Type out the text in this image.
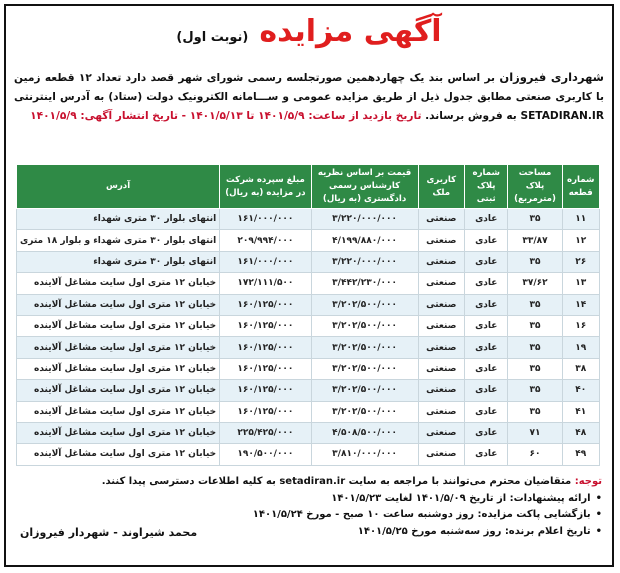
آگهی مزایده (نوبت اول)
شهرداری فیروزان بر اساس بند یک چهاردهمین صورتجلسه رسمی شورای شهر قصد دارد تعداد ۱۲ قطعه زمین با کاربری صنعتی مطابق جدول ذیل از طریق مزایده عمومی و ســـامانه الکترونیک دولت (ستاد) به آدرس اینترنتی SETADIRAN.IR به فروش برساند. تاریخ بازدید از ساعت: ۱۴۰۱/۵/۹ تا ۱۴۰۱/۵/۱۳ - تاریخ انتشار آگهی: ۱۴۰۱/۵/۹
شماره قطعه	مساحت پلاک (مترمربع)	شماره پلاک ثبتی	کاربری ملک	قیمت بر اساس نظریه کارشناس رسمی دادگستری (به ریال)	مبلغ سپرده شرکت در مزایده (به ریال)	آدرس
۱۱	۳۵	عادی	صنعتی	۳/۲۲۰/۰۰۰/۰۰۰	۱۶۱/۰۰۰/۰۰۰	انتهای بلوار ۳۰ متری شهداء
۱۲	۳۳/۸۷	عادی	صنعتی	۴/۱۹۹/۸۸۰/۰۰۰	۲۰۹/۹۹۴/۰۰۰	انتهای بلوار ۳۰ متری شهداء و بلوار ۱۸ متری
۲۶	۳۵	عادی	صنعتی	۳/۲۲۰/۰۰۰/۰۰۰	۱۶۱/۰۰۰/۰۰۰	انتهای بلوار ۳۰ متری شهداء
۱۳	۳۷/۶۲	عادی	صنعتی	۳/۴۴۲/۲۳۰/۰۰۰	۱۷۲/۱۱۱/۵۰۰	خیابان ۱۲ متری اول سایت مشاغل آلاینده
۱۴	۳۵	عادی	صنعتی	۳/۲۰۲/۵۰۰/۰۰۰	۱۶۰/۱۲۵/۰۰۰	خیابان ۱۲ متری اول سایت مشاغل آلاینده
۱۶	۳۵	عادی	صنعتی	۳/۲۰۲/۵۰۰/۰۰۰	۱۶۰/۱۲۵/۰۰۰	خیابان ۱۲ متری اول سایت مشاغل آلاینده
۱۹	۳۵	عادی	صنعتی	۳/۲۰۲/۵۰۰/۰۰۰	۱۶۰/۱۲۵/۰۰۰	خیابان ۱۲ متری اول سایت مشاغل آلاینده
۳۸	۳۵	عادی	صنعتی	۳/۲۰۲/۵۰۰/۰۰۰	۱۶۰/۱۲۵/۰۰۰	خیابان ۱۲ متری اول سایت مشاغل آلاینده
۴۰	۳۵	عادی	صنعتی	۳/۲۰۲/۵۰۰/۰۰۰	۱۶۰/۱۲۵/۰۰۰	خیابان ۱۲ متری اول سایت مشاغل آلاینده
۴۱	۳۵	عادی	صنعتی	۳/۲۰۲/۵۰۰/۰۰۰	۱۶۰/۱۲۵/۰۰۰	خیابان ۱۲ متری اول سایت مشاغل آلاینده
۴۸	۷۱	عادی	صنعتی	۴/۵۰۸/۵۰۰/۰۰۰	۲۲۵/۴۲۵/۰۰۰	خیابان ۱۲ متری اول سایت مشاغل آلاینده
۴۹	۶۰	عادی	صنعتی	۳/۸۱۰/۰۰۰/۰۰۰	۱۹۰/۵۰۰/۰۰۰	خیابان ۱۲ متری اول سایت مشاغل آلاینده
توجه: متقاضیان محترم می‌توانند با مراجعه به سایت setadiran.ir به کلیه اطلاعات دسترسی پیدا کنند.
• ارائه پیشنهادات: از تاریخ ۱۴۰۱/۵/۰۹ لغایت ۱۴۰۱/۵/۲۳
• بازگشایی پاکت مزایده: روز دوشنبه ساعت ۱۰ صبح - مورخ ۱۴۰۱/۵/۲۴
• تاریخ اعلام برنده: روز سه‌شنبه مورخ ۱۴۰۱/۵/۲۵
محمد شیراوند - شهردار فیروزان
